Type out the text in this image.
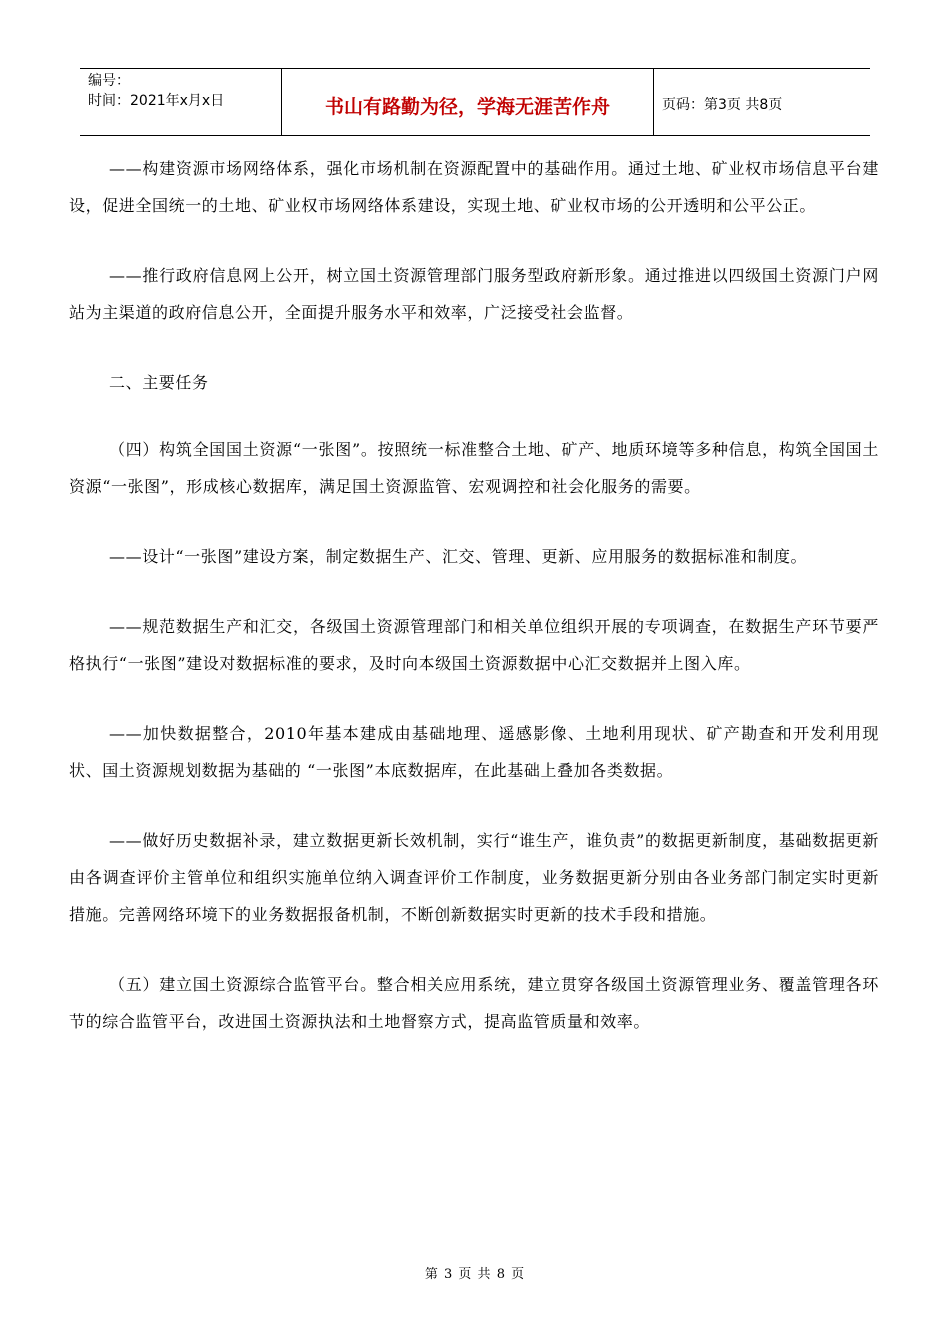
编号：
时间：2021年x月x日	书山有路勤为径，学海无涯苦作舟	页码：第3页 共8页

——构建资源市场网络体系，强化市场机制在资源配置中的基础作用。通过土地、矿业权市场信息平台建设，促进全国统一的土地、矿业权市场网络体系建设，实现土地、矿业权市场的公开透明和公平公正。

——推行政府信息网上公开，树立国土资源管理部门服务型政府新形象。通过推进以四级国土资源门户网站为主渠道的政府信息公开，全面提升服务水平和效率，广泛接受社会监督。

二、主要任务

（四）构筑全国国土资源“一张图”。按照统一标准整合土地、矿产、地质环境等多种信息，构筑全国国土资源“一张图”，形成核心数据库，满足国土资源监管、宏观调控和社会化服务的需要。

——设计“一张图”建设方案，制定数据生产、汇交、管理、更新、应用服务的数据标准和制度。

——规范数据生产和汇交，各级国土资源管理部门和相关单位组织开展的专项调查，在数据生产环节要严格执行“一张图”建设对数据标准的要求，及时向本级国土资源数据中心汇交数据并上图入库。

——加快数据整合，2010年基本建成由基础地理、遥感影像、土地利用现状、矿产勘查和开发利用现状、国土资源规划数据为基础的 “一张图”本底数据库，在此基础上叠加各类数据。

——做好历史数据补录，建立数据更新长效机制，实行“谁生产，谁负责”的数据更新制度，基础数据更新由各调查评价主管单位和组织实施单位纳入调查评价工作制度，业务数据更新分别由各业务部门制定实时更新措施。完善网络环境下的业务数据报备机制，不断创新数据实时更新的技术手段和措施。

（五）建立国土资源综合监管平台。整合相关应用系统，建立贯穿各级国土资源管理业务、覆盖管理各环节的综合监管平台，改进国土资源执法和土地督察方式，提高监管质量和效率。

第 3 页 共 8 页
